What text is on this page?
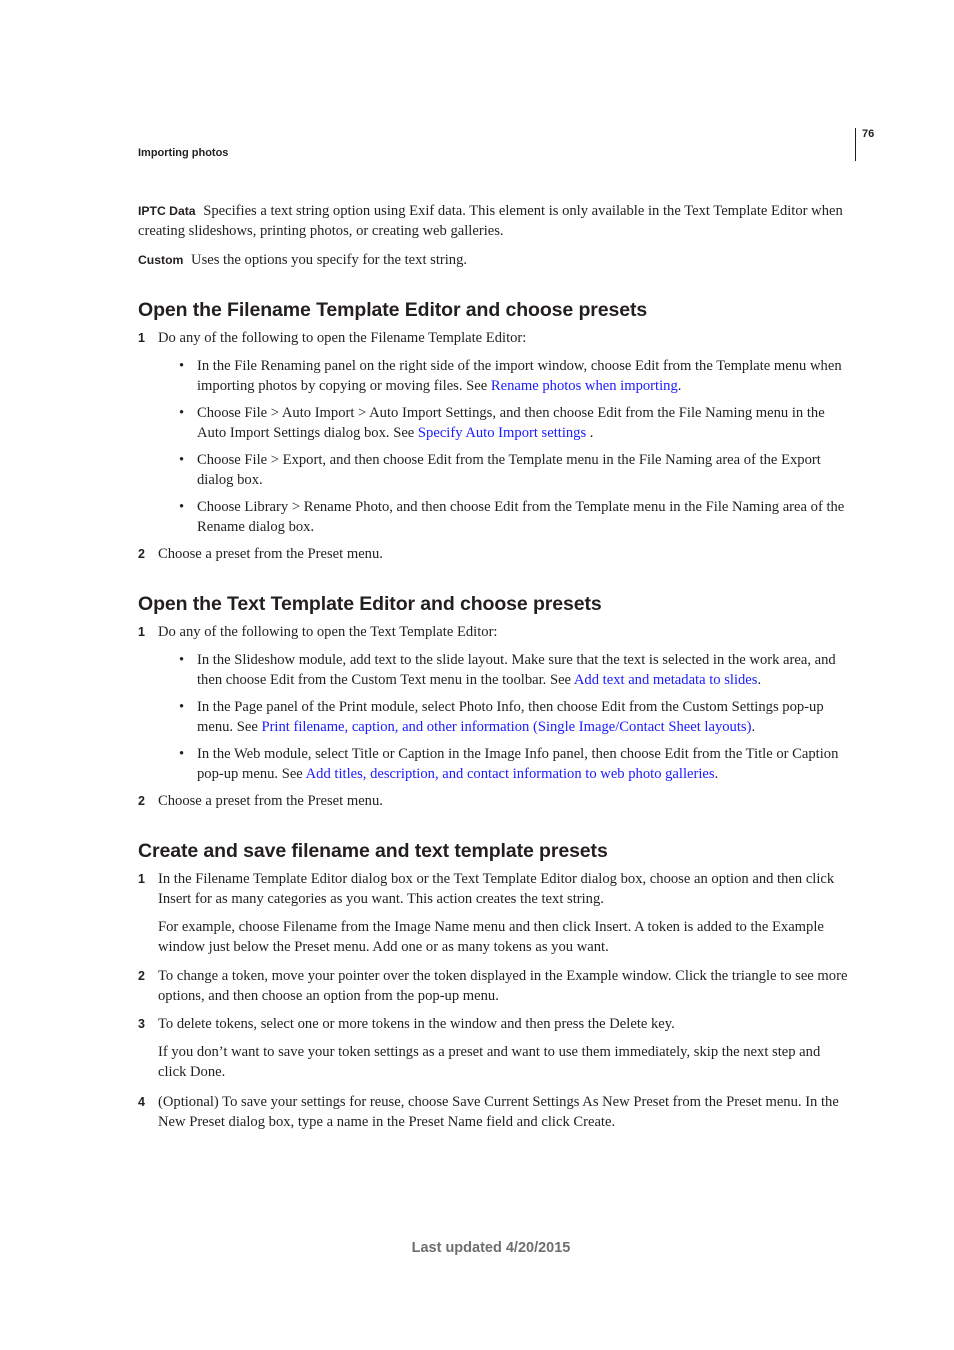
76
Importing photos

IPTC Data Specifies a text string option using Exif data. This element is only available in the Text Template Editor when creating slideshows, printing photos, or creating web galleries.

Custom Uses the options you specify for the text string.

Open the Filename Template Editor and choose presets
1 Do any of the following to open the Filename Template Editor:

• In the File Renaming panel on the right side of the import window, choose Edit from the Template menu when importing photos by copying or moving files. See Rename photos when importing.
• Choose File > Auto Import > Auto Import Settings, and then choose Edit from the File Naming menu in the Auto Import Settings dialog box. See Specify Auto Import settings .
• Choose File > Export, and then choose Edit from the Template menu in the File Naming area of the Export dialog box.
• Choose Library > Rename Photo, and then choose Edit from the Template menu in the File Naming area of the Rename dialog box.
2 Choose a preset from the Preset menu.

Open the Text Template Editor and choose presets
1 Do any of the following to open the Text Template Editor:

• In the Slideshow module, add text to the slide layout. Make sure that the text is selected in the work area, and then choose Edit from the Custom Text menu in the toolbar. See Add text and metadata to slides.
• In the Page panel of the Print module, select Photo Info, then choose Edit from the Custom Settings pop-up menu. See Print filename, caption, and other information (Single Image/Contact Sheet layouts).
• In the Web module, select Title or Caption in the Image Info panel, then choose Edit from the Title or Caption pop-up menu. See Add titles, description, and contact information to web photo galleries.
2 Choose a preset from the Preset menu.

Create and save filename and text template presets
1 In the Filename Template Editor dialog box or the Text Template Editor dialog box, choose an option and then click Insert for as many categories as you want. This action creates the text string.

For example, choose Filename from the Image Name menu and then click Insert. A token is added to the Example window just below the Preset menu. Add one or as many tokens as you want.

2 To change a token, move your pointer over the token displayed in the Example window. Click the triangle to see more options, and then choose an option from the pop-up menu.

3 To delete tokens, select one or more tokens in the window and then press the Delete key.

If you don’t want to save your token settings as a preset and want to use them immediately, skip the next step and click Done.

4 (Optional) To save your settings for reuse, choose Save Current Settings As New Preset from the Preset menu. In the New Preset dialog box, type a name in the Preset Name field and click Create.

Last updated 4/20/2015
